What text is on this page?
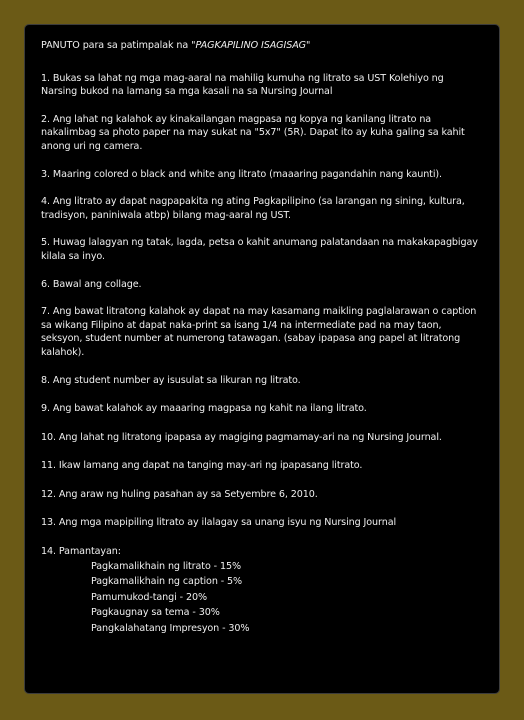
PANUTO para sa patimpalak na "PAGKAPILINO ISAGISAG"

1. Bukas sa lahat ng mga mag-aaral na mahilig kumuha ng litrato sa UST Kolehiyo ng Narsing bukod na lamang sa mga kasali na sa Nursing Journal

2. Ang lahat ng kalahok ay kinakailangan magpasa ng kopya ng kanilang litrato na nakalimbag sa photo paper na may sukat na "5x7" (5R). Dapat ito ay kuha galing sa kahit anong uri ng camera.

3. Maaring colored o black and white ang litrato (maaaring pagandahin nang kaunti).

4. Ang litrato ay dapat nagpapakita ng ating Pagkapilipino (sa larangan ng sining, kultura, tradisyon, paniniwala atbp) bilang mag-aaral ng UST.

5. Huwag lalagyan ng tatak, lagda, petsa o kahit anumang palatandaan na makakapagbigay kilala sa inyo.

6. Bawal ang collage.

7. Ang bawat litratong kalahok ay dapat na may kasamang maikling paglalarawan o caption sa wikang Filipino at dapat naka-print sa isang 1/4 na intermediate pad na may taon, seksyon, student number at numerong tatawagan. (sabay ipapasa ang papel at litratong kalahok).

8. Ang student number ay isusulat sa likuran ng litrato.

9. Ang bawat kalahok ay maaaring magpasa ng kahit na ilang litrato.

10. Ang lahat ng litratong ipapasa ay magiging pagmamay-ari na ng Nursing Journal.

11. Ikaw lamang ang dapat na tanging may-ari ng ipapasang litrato.

12. Ang araw ng huling pasahan ay sa Setyembre 6, 2010.

13. Ang mga mapipiling litrato ay ilalagay sa unang isyu ng Nursing Journal

14. Pamantayan:

Pagkamalikhain ng litrato - 15%
Pagkamalikhain ng caption - 5%
Pamumukod-tangi - 20%
Pagkaugnay sa tema - 30%
Pangkalahatang Impresyon - 30%
